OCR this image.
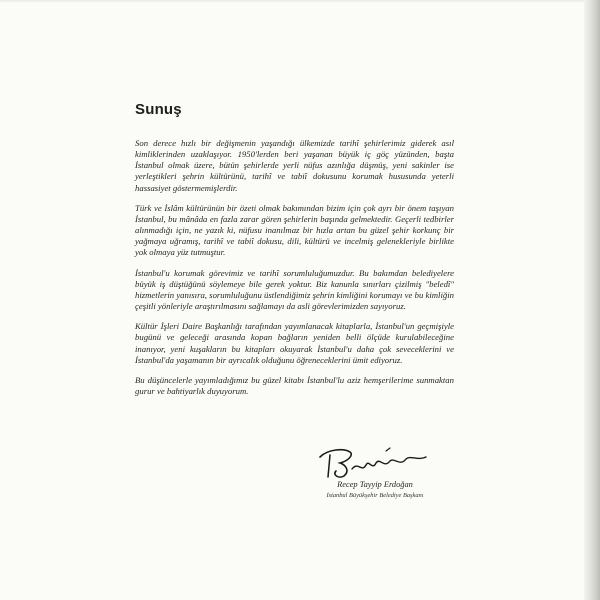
Sunuş

Son derece hızlı bir değişmenin yaşandığı ülkemizde tarihî şehirlerimiz giderek asıl kimliklerinden uzaklaşıyor. 1950'lerden beri yaşanan büyük iç göç yüzünden, başta İstanbul olmak üzere, bütün şehirlerde yerli nüfus azınlığa düşmüş, yeni sakinler ise yerleştikleri şehrin kültürünü, tarihî ve tabiî dokusunu korumak hususunda yeterli hassasiyet göstermemişlerdir.

Türk ve İslâm kültürünün bir özeti olmak bakımından bizim için çok ayrı bir önem taşıyan İstanbul, bu mânâda en fazla zarar gören şehirlerin başında gelmektedir. Geçerli tedbirler alınmadığı için, ne yazık ki, nüfusu inanılmaz bir hızla artan bu güzel şehir korkunç bir yağmaya uğramış, tarihî ve tabiî dokusu, dili, kültürü ve incelmiş gelenekleriyle birlikte yok olmaya yüz tutmuştur.

İstanbul'u korumak görevimiz ve tarihî sorumluluğumuzdur. Bu bakımdan belediyelere büyük iş düştüğünü söylemeye bile gerek yoktur. Biz kanunla sınırları çizilmiş "beledî" hizmetlerin yanısıra, sorumluluğunu üstlendiğimiz şehrin kimliğini korumayı ve bu kimliğin çeşitli yönleriyle araştırılmasını sağlamayı da asli görevlerimizden sayıyoruz.

Kültür İşleri Daire Başkanlığı tarafından yayımlanacak kitaplarla, İstanbul'un geçmişiyle bugünü ve geleceği arasında kopan bağların yeniden belli ölçüde kurulabileceğine inanıyor, yeni kuşakların bu kitapları okuyarak İstanbul'u daha çok seveceklerini ve İstanbul'da yaşamanın bir ayrıcalık olduğunu öğreneceklerini ümit ediyoruz.

Bu düşüncelerle yayımladığımız bu güzel kitabı İstanbul'lu aziz hemşerilerime sunmaktan gurur ve bahtiyarlık duyuyorum.

Recep Tayyip Erdoğan
İstanbul Büyükşehir Belediye Başkanı
